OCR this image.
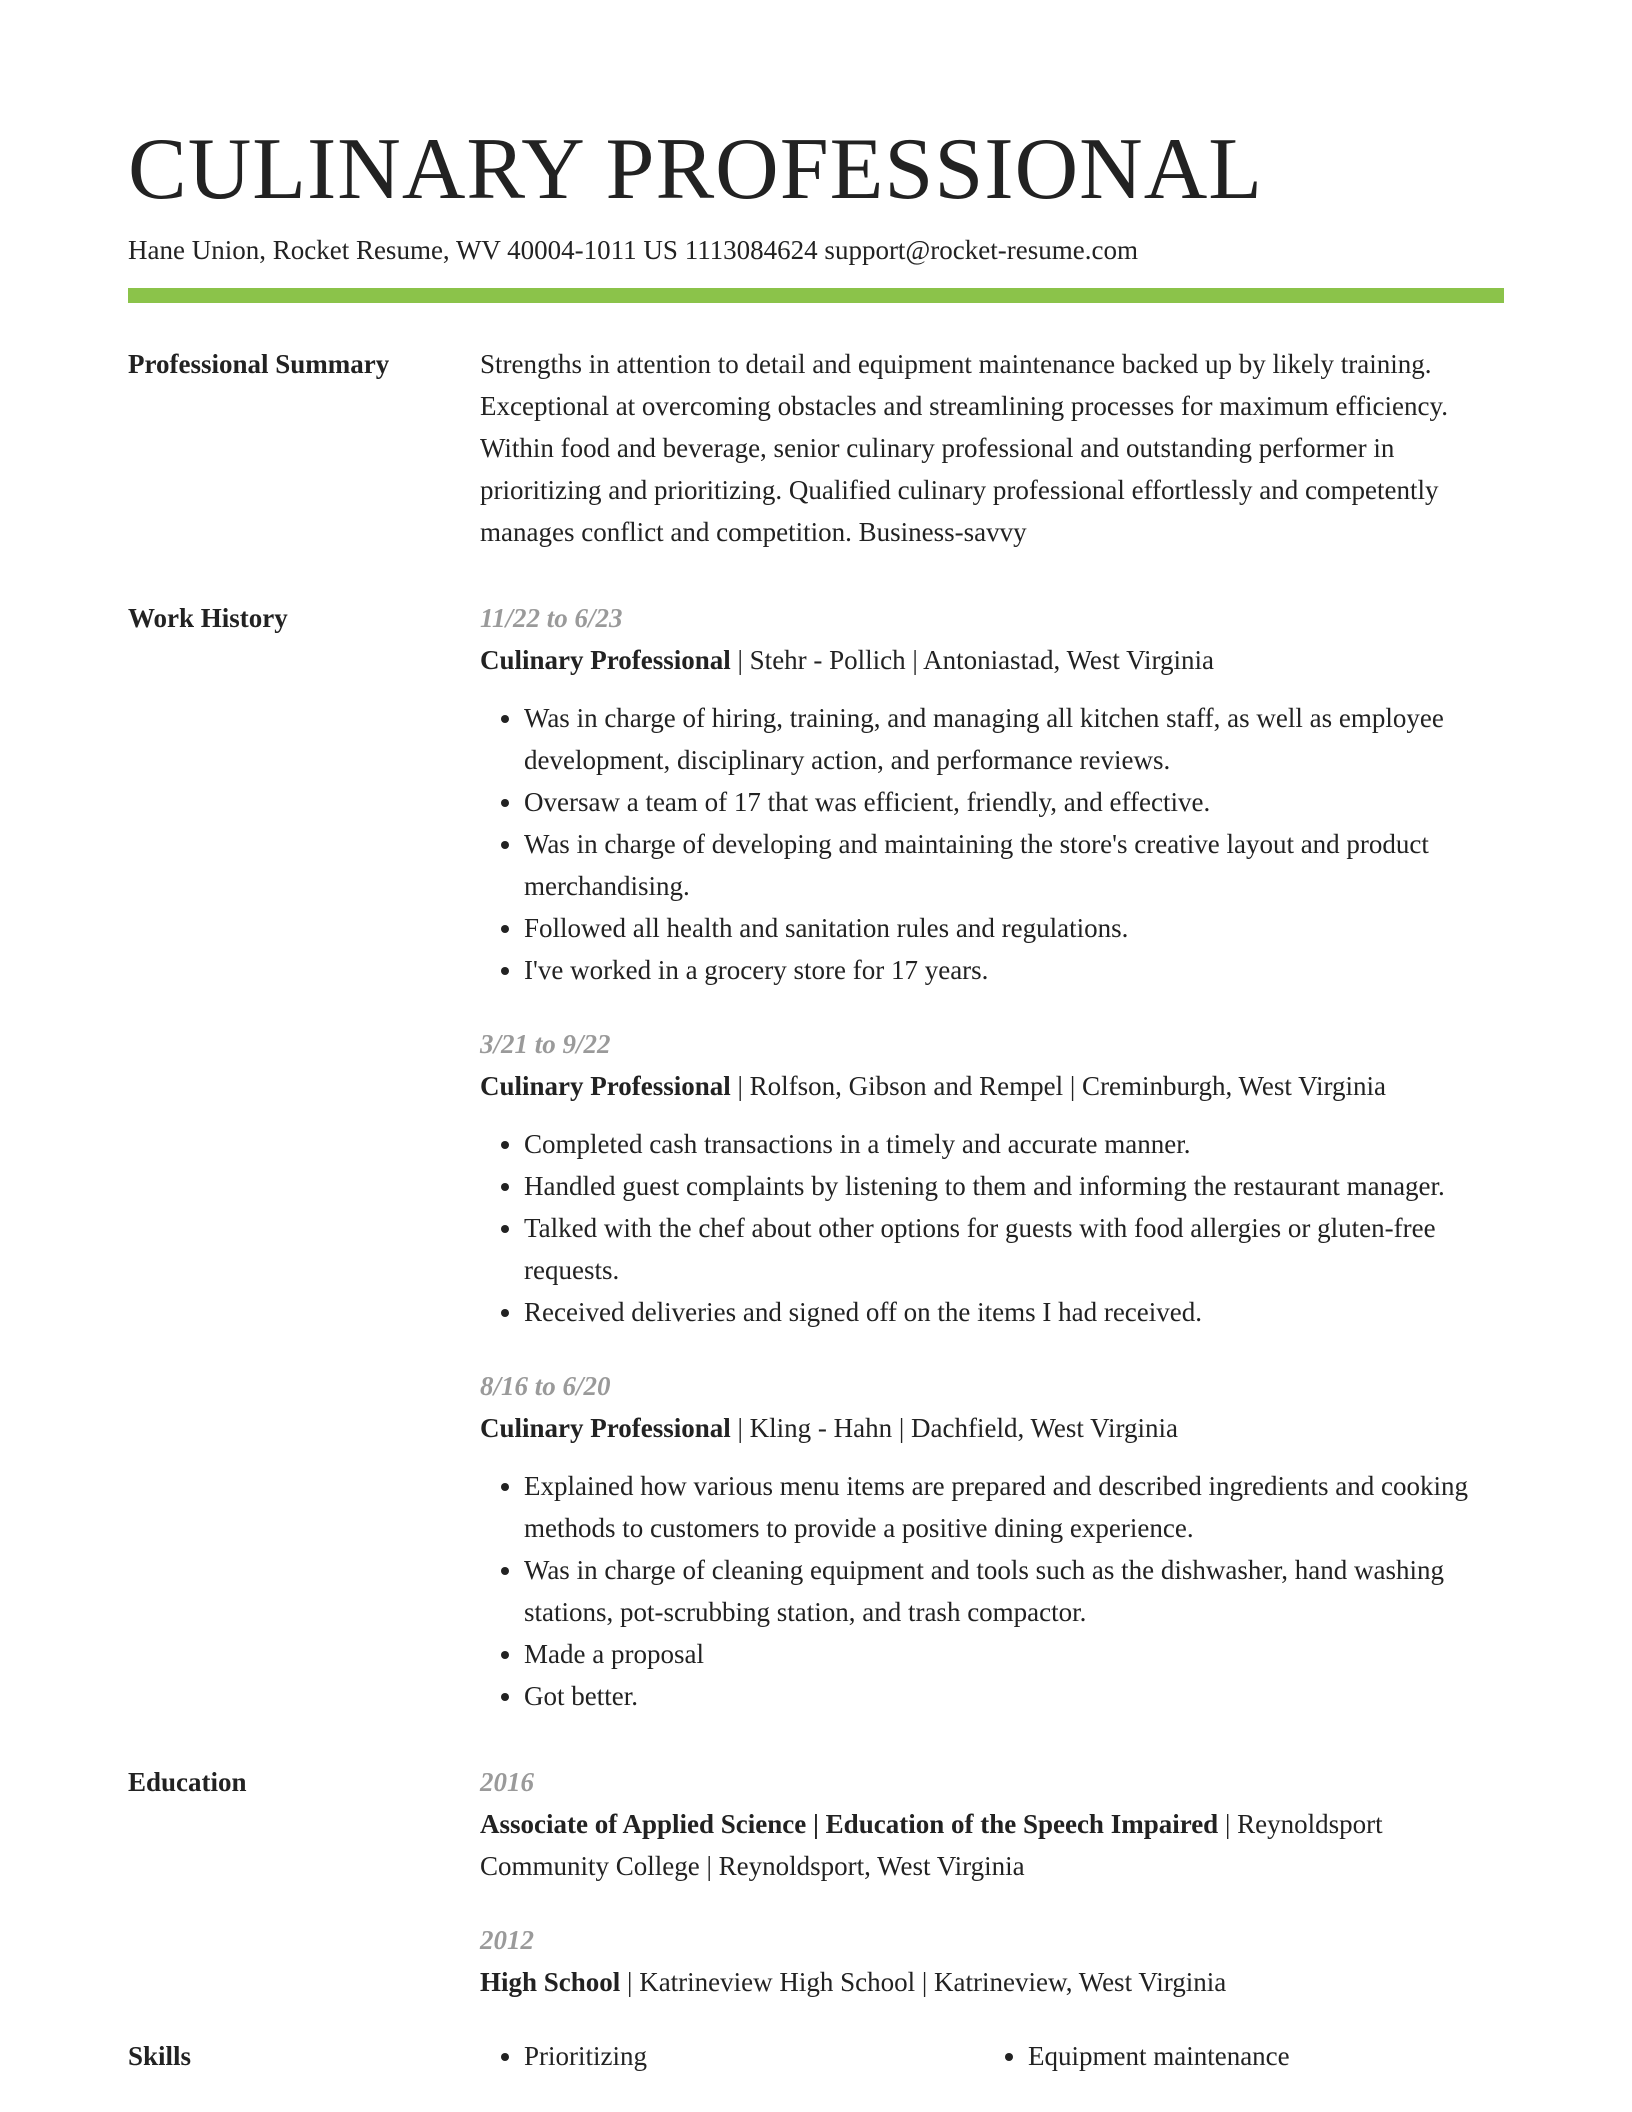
CULINARY PROFESSIONAL
Hane Union, Rocket Resume, WV 40004-1011 US 1113084624 support@rocket-resume.com
Professional Summary	Strengths in attention to detail and equipment maintenance backed up by likely training. Exceptional at overcoming obstacles and streamlining processes for maximum efficiency. Within food and beverage, senior culinary professional and outstanding performer in prioritizing and prioritizing. Qualified culinary professional effortlessly and competently manages conflict and competition. Business-savvy

Work History	11/22 to 6/23
Culinary Professional | Stehr - Pollich | Antoniastad, West Virginia
• Was in charge of hiring, training, and managing all kitchen staff, as well as employee development, disciplinary action, and performance reviews.
• Oversaw a team of 17 that was efficient, friendly, and effective.
• Was in charge of developing and maintaining the store's creative layout and product merchandising.
• Followed all health and sanitation rules and regulations.
• I've worked in a grocery store for 17 years.
3/21 to 9/22
Culinary Professional | Rolfson, Gibson and Rempel | Creminburgh, West Virginia
• Completed cash transactions in a timely and accurate manner.
• Handled guest complaints by listening to them and informing the restaurant manager.
• Talked with the chef about other options for guests with food allergies or gluten-free requests.
• Received deliveries and signed off on the items I had received.
8/16 to 6/20
Culinary Professional | Kling - Hahn | Dachfield, West Virginia
• Explained how various menu items are prepared and described ingredients and cooking methods to customers to provide a positive dining experience.
• Was in charge of cleaning equipment and tools such as the dishwasher, hand washing stations, pot-scrubbing station, and trash compactor.
• Made a proposal
• Got better.
Education	2016
Associate of Applied Science | Education of the Speech Impaired | Reynoldsport Community College | Reynoldsport, West Virginia
2012
High School | Katrineview High School | Katrineview, West Virginia
Skills	• Prioritizing	• Equipment maintenance
